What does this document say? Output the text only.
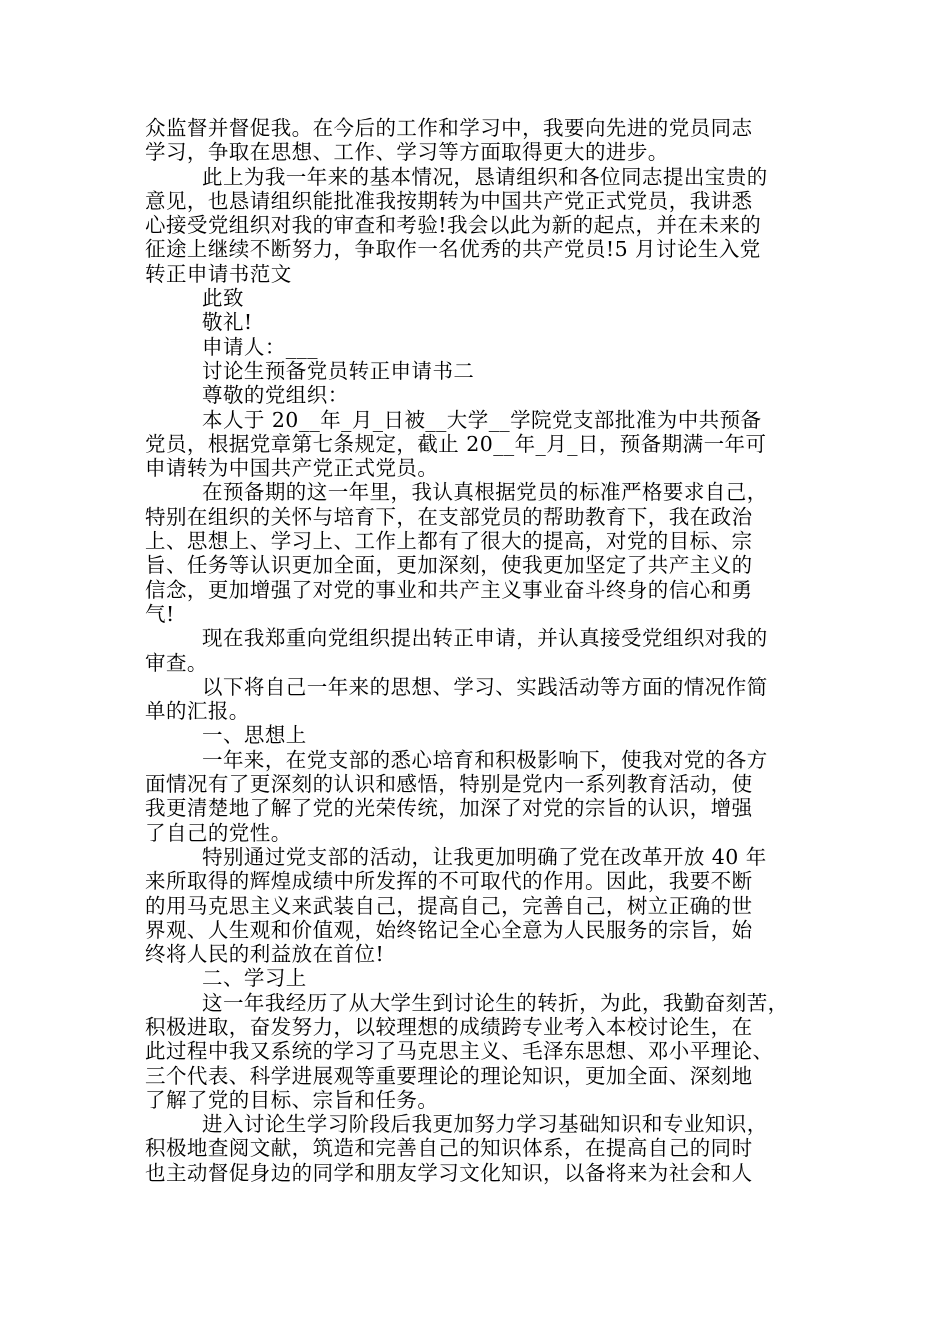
众监督并督促我。在今后的工作和学习中，我要向先进的党员同志
学习，争取在思想、工作、学习等方面取得更大的进步。
此上为我一年来的基本情况，恳请组织和各位同志提出宝贵的
意见，也恳请组织能批准我按期转为中国共产党正式党员，我讲悉
心接受党组织对我的审查和考验!我会以此为新的起点，并在未来的
征途上继续不断努力，争取作一名优秀的共产党员!5 月讨论生入党
转正申请书范文
此致
敬礼!
申请人：___
讨论生预备党员转正申请书二
尊敬的党组织：
本人于 20__年_月_日被__大学__学院党支部批准为中共预备
党员，根据党章第七条规定，截止 20__年_月_日，预备期满一年可
申请转为中国共产党正式党员。
在预备期的这一年里，我认真根据党员的标准严格要求自己，
特别在组织的关怀与培育下，在支部党员的帮助教育下，我在政治
上、思想上、学习上、工作上都有了很大的提高，对党的目标、宗
旨、任务等认识更加全面，更加深刻，使我更加坚定了共产主义的
信念，更加增强了对党的事业和共产主义事业奋斗终身的信心和勇
气!
现在我郑重向党组织提出转正申请，并认真接受党组织对我的
审查。
以下将自己一年来的思想、学习、实践活动等方面的情况作简
单的汇报。
一、思想上
一年来，在党支部的悉心培育和积极影响下，使我对党的各方
面情况有了更深刻的认识和感悟，特别是党内一系列教育活动，使
我更清楚地了解了党的光荣传统，加深了对党的宗旨的认识，增强
了自己的党性。
特别通过党支部的活动，让我更加明确了党在改革开放 40 年
来所取得的辉煌成绩中所发挥的不可取代的作用。因此，我要不断
的用马克思主义来武装自己，提高自己，完善自己，树立正确的世
界观、人生观和价值观，始终铭记全心全意为人民服务的宗旨，始
终将人民的利益放在首位!
二、学习上
这一年我经历了从大学生到讨论生的转折，为此，我勤奋刻苦，
积极进取，奋发努力，以较理想的成绩跨专业考入本校讨论生，在
此过程中我又系统的学习了马克思主义、毛泽东思想、邓小平理论、
三个代表、科学进展观等重要理论的理论知识，更加全面、深刻地
了解了党的目标、宗旨和任务。
进入讨论生学习阶段后我更加努力学习基础知识和专业知识，
积极地查阅文献，筑造和完善自己的知识体系，在提高自己的同时
也主动督促身边的同学和朋友学习文化知识，以备将来为社会和人
